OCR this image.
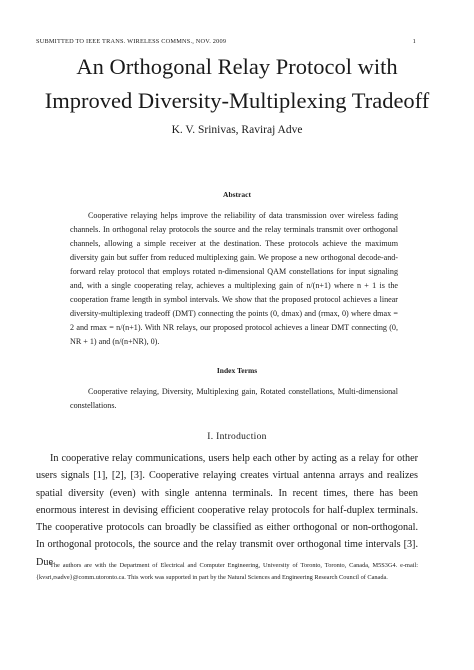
SUBMITTED TO IEEE TRANS. WIRELESS COMMNS., NOV. 2009	1
An Orthogonal Relay Protocol with Improved Diversity-Multiplexing Tradeoff
K. V. Srinivas, Raviraj Adve
Abstract
Cooperative relaying helps improve the reliability of data transmission over wireless fading channels. In orthogonal relay protocols the source and the relay terminals transmit over orthogonal channels, allowing a simple receiver at the destination. These protocols achieve the maximum diversity gain but suffer from reduced multiplexing gain. We propose a new orthogonal decode-and-forward relay protocol that employs rotated n-dimensional QAM constellations for input signaling and, with a single cooperating relay, achieves a multiplexing gain of n/(n+1) where n + 1 is the cooperation frame length in symbol intervals. We show that the proposed protocol achieves a linear diversity-multiplexing tradeoff (DMT) connecting the points (0, dmax) and (rmax, 0) where dmax = 2 and rmax = n/(n+1). With NR relays, our proposed protocol achieves a linear DMT connecting (0, NR + 1) and (n/(n+NR), 0).
Index Terms
Cooperative relaying, Diversity, Multiplexing gain, Rotated constellations, Multi-dimensional constellations.
I. Introduction
In cooperative relay communications, users help each other by acting as a relay for other users signals [1], [2], [3]. Cooperative relaying creates virtual antenna arrays and realizes spatial diversity (even) with single antenna terminals. In recent times, there has been enormous interest in devising efficient cooperative relay protocols for half-duplex terminals. The cooperative protocols can broadly be classified as either orthogonal or non-orthogonal. In orthogonal protocols, the source and the relay transmit over orthogonal time intervals [3]. Due
The authors are with the Department of Electrical and Computer Engineering, University of Toronto, Toronto, Canada, M5S3G4. e-mail: {kvsri,rsadve}@comm.utoronto.ca. This work was supported in part by the Natural Sciences and Engineering Research Council of Canada.
